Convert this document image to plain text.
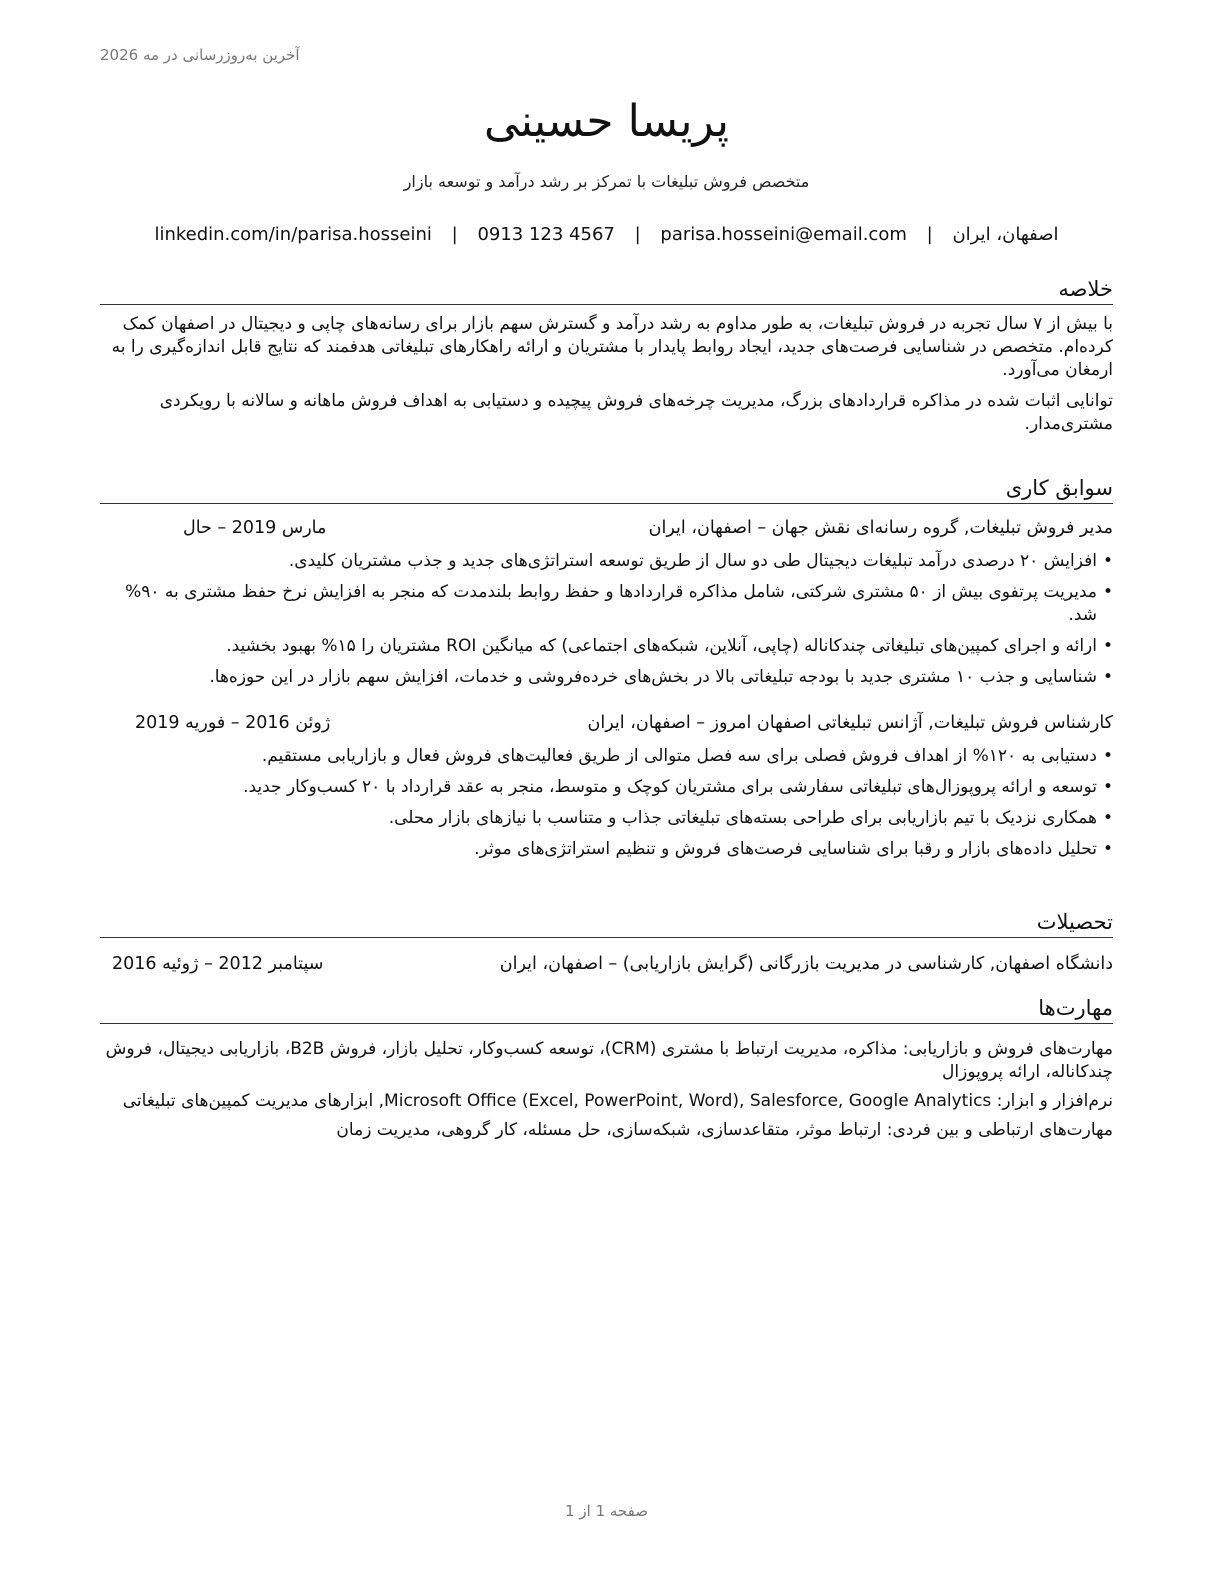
آخرین به‌روزرسانی در مه 2026
پریسا حسینی
متخصص فروش تبلیغات با تمرکز بر رشد درآمد و توسعه بازار
اصفهان، ایران | parisa.hosseini@email.com | 0913 123 4567 | linkedin.com/in/parisa.hosseini
خلاصه

با بیش از ۷ سال تجربه در فروش تبلیغات، به طور مداوم به رشد درآمد و گسترش سهم بازار برای رسانه‌های چاپی و دیجیتال در اصفهان کمک کرده‌ام. متخصص در شناسایی فرصت‌های جدید، ایجاد روابط پایدار با مشتریان و ارائه راهکارهای تبلیغاتی هدفمند که نتایج قابل اندازه‌گیری را به ارمغان می‌آورد.

توانایی اثبات شده در مذاکره قراردادهای بزرگ، مدیریت چرخه‌های فروش پیچیده و دستیابی به اهداف فروش ماهانه و سالانه با رویکردی مشتری‌مدار.

سوابق کاری
مدیر فروش تبلیغات, گروه رسانه‌ای نقش جهان – اصفهان، ایران
مارس 2019 – حال
• افزایش ۲۰ درصدی درآمد تبلیغات دیجیتال طی دو سال از طریق توسعه استراتژی‌های جدید و جذب مشتریان کلیدی.
• مدیریت پرتفوی بیش از ۵۰ مشتری شرکتی، شامل مذاکره قراردادها و حفظ روابط بلندمدت که منجر به افزایش نرخ حفظ مشتری به ۹۰% شد.
• ارائه و اجرای کمپین‌های تبلیغاتی چندکاناله (چاپی، آنلاین، شبکه‌های اجتماعی) که میانگین ROI مشتریان را ۱۵% بهبود بخشید.
• شناسایی و جذب ۱۰ مشتری جدید با بودجه تبلیغاتی بالا در بخش‌های خرده‌فروشی و خدمات، افزایش سهم بازار در این حوزه‌ها.
کارشناس فروش تبلیغات, آژانس تبلیغاتی اصفهان امروز – اصفهان، ایران
ژوئن 2016 – فوریه 2019
• دستیابی به ۱۲۰% از اهداف فروش فصلی برای سه فصل متوالی از طریق فعالیت‌های فروش فعال و بازاریابی مستقیم.
• توسعه و ارائه پروپوزال‌های تبلیغاتی سفارشی برای مشتریان کوچک و متوسط، منجر به عقد قرارداد با ۲۰ کسب‌وکار جدید.
• همکاری نزدیک با تیم بازاریابی برای طراحی بسته‌های تبلیغاتی جذاب و متناسب با نیازهای بازار محلی.
• تحلیل داده‌های بازار و رقبا برای شناسایی فرصت‌های فروش و تنظیم استراتژی‌های موثر.
تحصیلات
دانشگاه اصفهان, کارشناسی در مدیریت بازرگانی (گرایش بازاریابی) – اصفهان، ایران
سپتامبر 2012 – ژوئیه 2016
مهارت‌ها
مهارت‌های فروش و بازاریابی: مذاکره، مدیریت ارتباط با مشتری (CRM)، توسعه کسب‌وکار، تحلیل بازار، فروش B2B، بازاریابی دیجیتال، فروش چندکاناله، ارائه پروپوزال
نرم‌افزار و ابزار: Microsoft Office (Excel, PowerPoint, Word), Salesforce, Google Analytics, ابزارهای مدیریت کمپین‌های تبلیغاتی
مهارت‌های ارتباطی و بین فردی: ارتباط موثر، متقاعدسازی، شبکه‌سازی، حل مسئله، کار گروهی، مدیریت زمان
صفحه 1 از 1
